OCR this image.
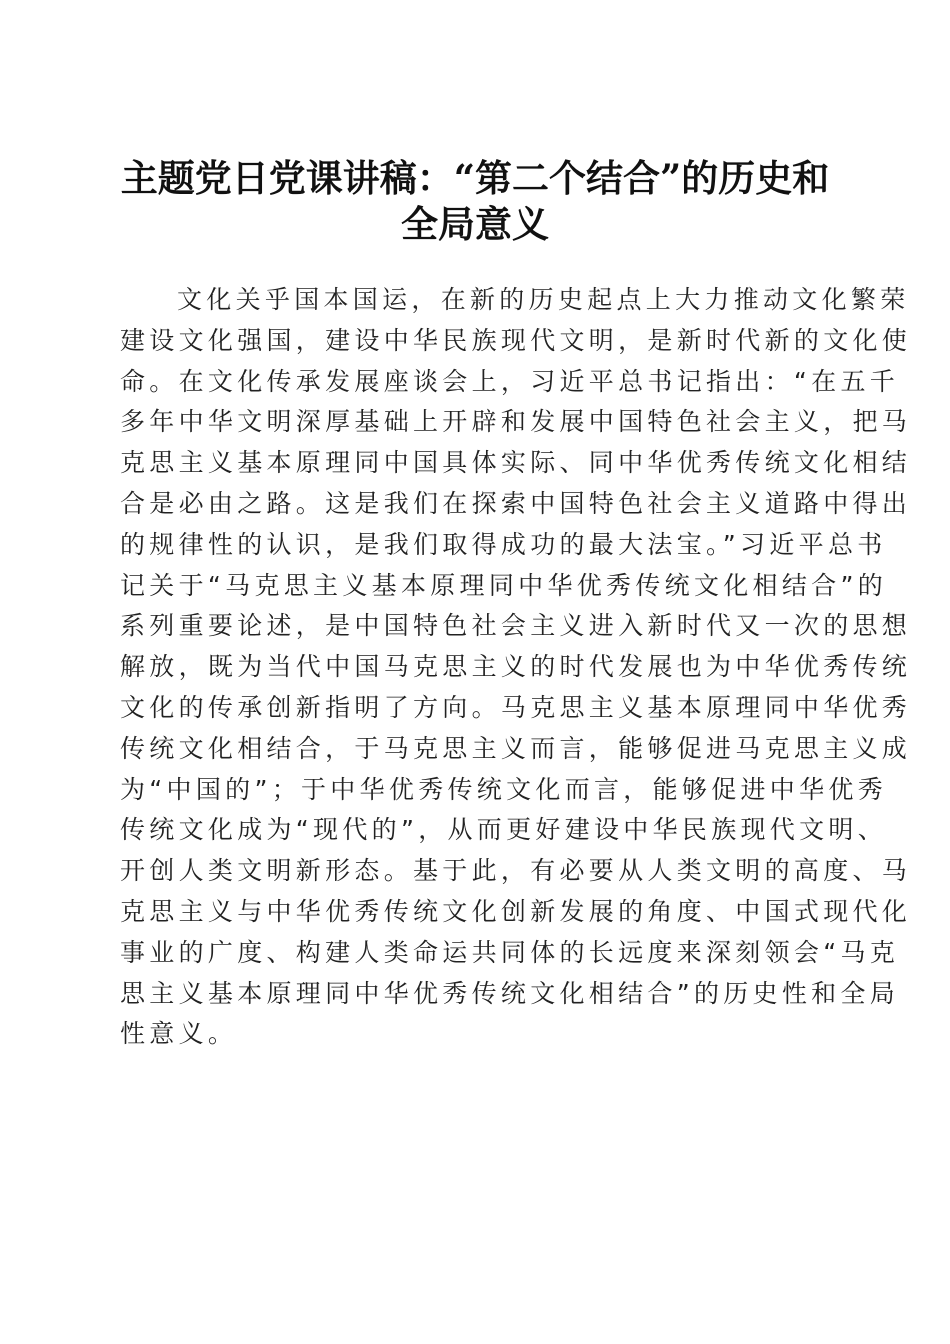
主题党日党课讲稿：“第二个结合”的历史和
全局意义
文化关乎国本国运，在新的历史起点上大力推动文化繁荣
建设文化强国，建设中华民族现代文明，是新时代新的文化使
命。在文化传承发展座谈会上，习近平总书记指出：“在五千
多年中华文明深厚基础上开辟和发展中国特色社会主义，把马
克思主义基本原理同中国具体实际、同中华优秀传统文化相结
合是必由之路。这是我们在探索中国特色社会主义道路中得出
的规律性的认识，是我们取得成功的最大法宝。”习近平总书
记关于“马克思主义基本原理同中华优秀传统文化相结合”的
系列重要论述，是中国特色社会主义进入新时代又一次的思想
解放，既为当代中国马克思主义的时代发展也为中华优秀传统
文化的传承创新指明了方向。马克思主义基本原理同中华优秀
传统文化相结合，于马克思主义而言，能够促进马克思主义成
为“中国的”；于中华优秀传统文化而言，能够促进中华优秀
传统文化成为“现代的”，从而更好建设中华民族现代文明、
开创人类文明新形态。基于此，有必要从人类文明的高度、马
克思主义与中华优秀传统文化创新发展的角度、中国式现代化
事业的广度、构建人类命运共同体的长远度来深刻领会“马克
思主义基本原理同中华优秀传统文化相结合”的历史性和全局
性意义。
